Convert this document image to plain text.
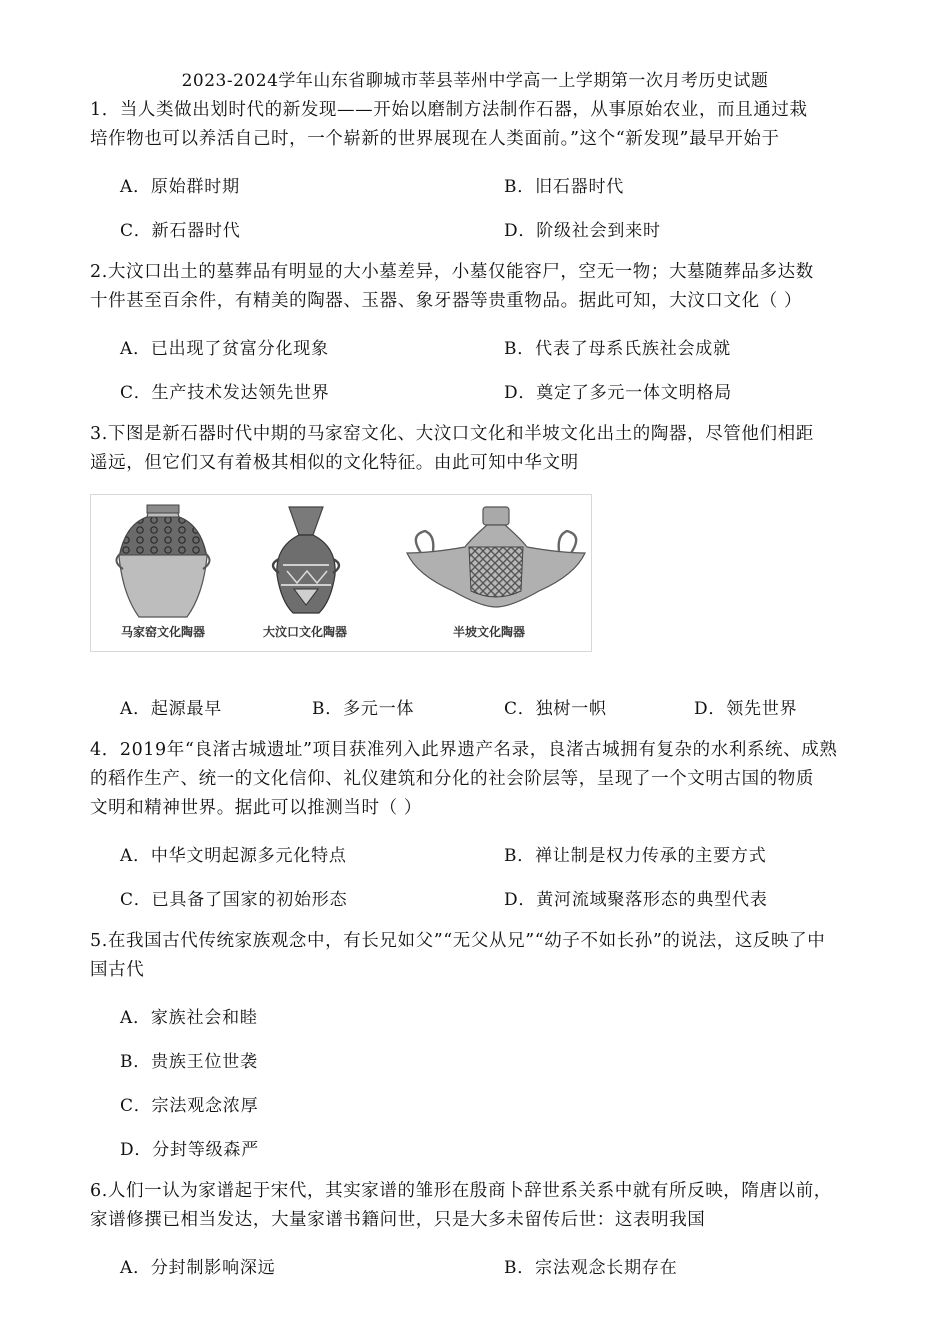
2023-2024学年山东省聊城市莘县莘州中学高一上学期第一次月考历史试题
1．当人类做出划时代的新发现——开始以磨制方法制作石器，从事原始农业，而且通过栽
培作物也可以养活自己时，一个崭新的世界展现在人类面前。”这个“新发现”最早开始于
A．原始群时期	B．旧石器时代
C．新石器时代	D．阶级社会到来时
2.大汶口出土的墓葬品有明显的大小墓差异，小墓仅能容尸，空无一物；大墓随葬品多达数
十件甚至百余件，有精美的陶器、玉器、象牙器等贵重物品。据此可知，大汶口文化（ ）
A．已出现了贫富分化现象	B．代表了母系氏族社会成就
C．生产技术发达领先世界	D．奠定了多元一体文明格局
3.下图是新石器时代中期的马家窑文化、大汶口文化和半坡文化出土的陶器，尽管他们相距
遥远，但它们又有着极其相似的文化特征。由此可知中华文明
马家窑文化陶器	大汶口文化陶器	半坡文化陶器
A．起源最早	B．多元一体	C．独树一帜	D．领先世界
4．2019年“良渚古城遗址”项目获准列入此界遗产名录，良渚古城拥有复杂的水利系统、成熟
的稻作生产、统一的文化信仰、礼仪建筑和分化的社会阶层等，呈现了一个文明古国的物质
文明和精神世界。据此可以推测当时（ ）
A．中华文明起源多元化特点	B．禅让制是权力传承的主要方式
C．已具备了国家的初始形态	D．黄河流域聚落形态的典型代表
5.在我国古代传统家族观念中，有长兄如父”“无父从兄”“幼子不如长孙”的说法，这反映了中
国古代
A．家族社会和睦
B．贵族王位世袭
C．宗法观念浓厚
D．分封等级森严
6.人们一认为家谱起于宋代，其实家谱的雏形在殷商卜辞世系关系中就有所反映，隋唐以前，
家谱修撰已相当发达，大量家谱书籍问世，只是大多未留传后世：这表明我国
A．分封制影响深远	B．宗法观念长期存在
